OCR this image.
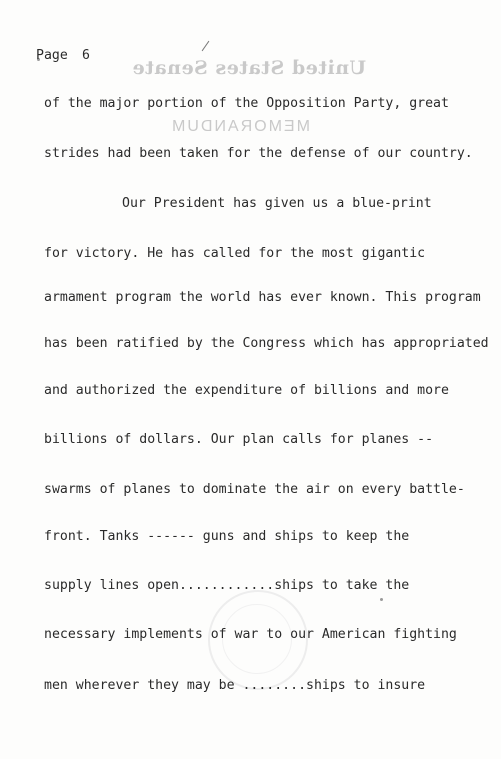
United States Senate
MEMORANDUM
Page 6
of the major portion of the Opposition Party, great
strides had been taken for the defense of our country.
Our President has given us a blue-print
for victory. He has called for the most gigantic
armament program the world has ever known. This program
has been ratified by the Congress which has appropriated
and authorized the expenditure of billions and more
billions of dollars. Our plan calls for planes --
swarms of planes to dominate the air on every battle-
front. Tanks ------ guns and ships to keep the
supply lines open............ships to take the
necessary implements of war to our American fighting
men wherever they may be ........ships to insure
